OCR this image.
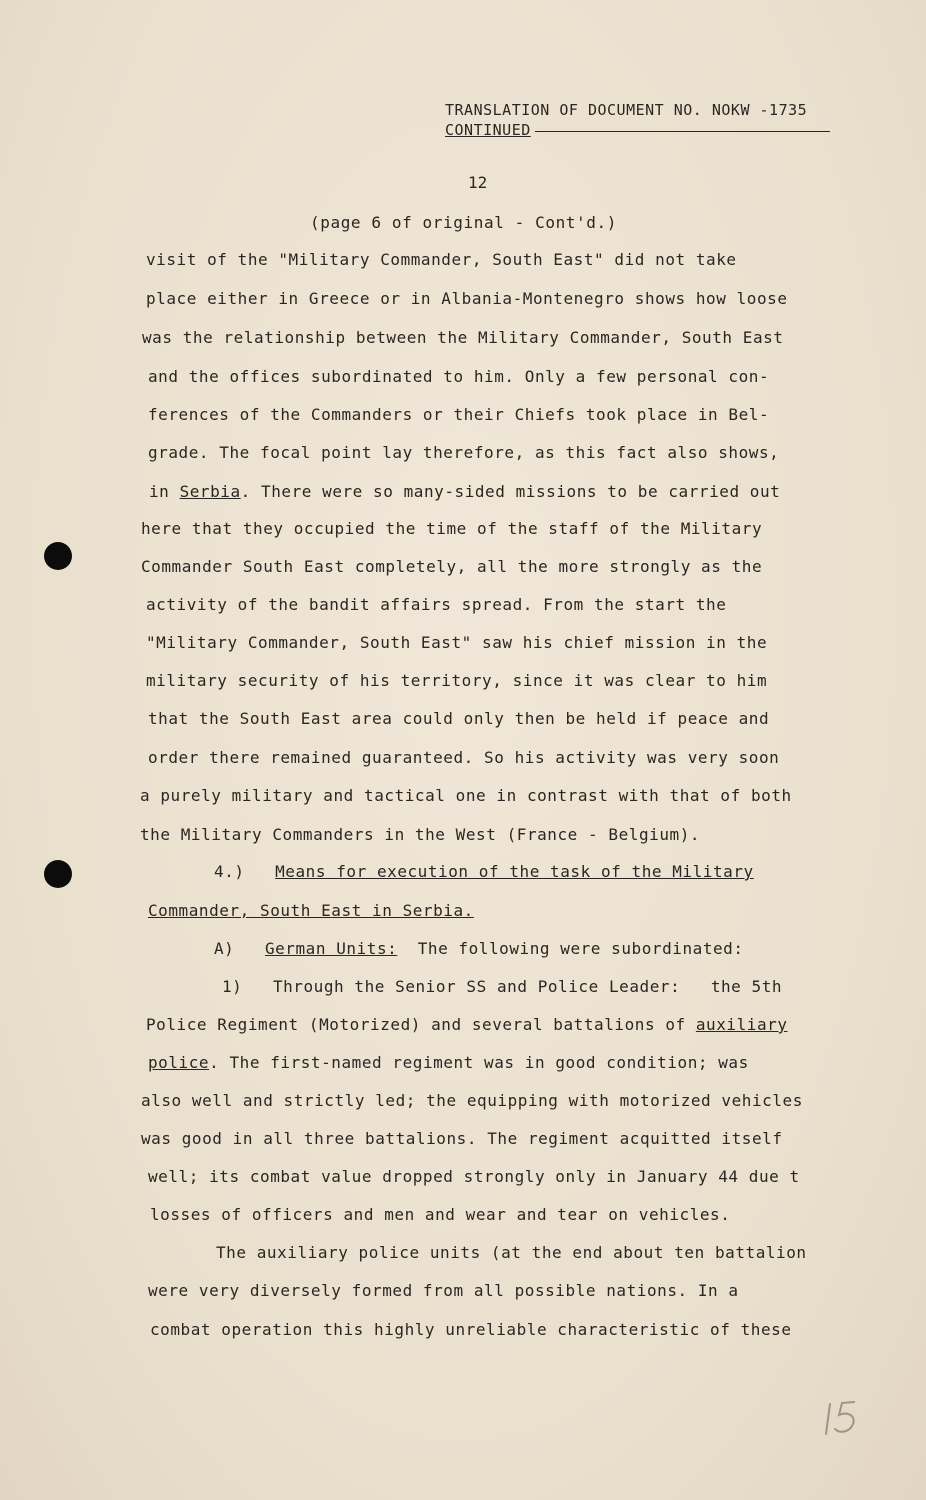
TRANSLATION OF DOCUMENT NO. NOKW -1735
CONTINUED
12
(page 6 of original - Cont'd.)
visit of the "Military Commander, South East" did not take
place either in Greece or in Albania-Montenegro shows how loose
was the relationship between the Military Commander, South East
and the offices subordinated to him. Only a few personal con-
ferences of the Commanders or their Chiefs took place in Bel-
grade. The focal point lay therefore, as this fact also shows,
in Serbia. There were so many-sided missions to be carried out
here that they occupied the time of the staff of the Military
Commander South East completely, all the more strongly as the
activity of the bandit affairs spread. From the start the
"Military Commander, South East" saw his chief mission in the
military security of his territory, since it was clear to him
that the South East area could only then be held if peace and
order there remained guaranteed. So his activity was very soon
a purely military and tactical one in contrast with that of both
the Military Commanders in the West (France - Belgium).
4.) Means for execution of the task of the Military
Commander, South East in Serbia.
A) German Units: The following were subordinated:
1) Through the Senior SS and Police Leader: the 5th
Police Regiment (Motorized) and several battalions of auxiliary
police. The first-named regiment was in good condition; was
also well and strictly led; the equipping with motorized vehicles
was good in all three battalions. The regiment acquitted itself
well; its combat value dropped strongly only in January 44 due t
losses of officers and men and wear and tear on vehicles.
The auxiliary police units (at the end about ten battalion
were very diversely formed from all possible nations. In a
combat operation this highly unreliable characteristic of these
